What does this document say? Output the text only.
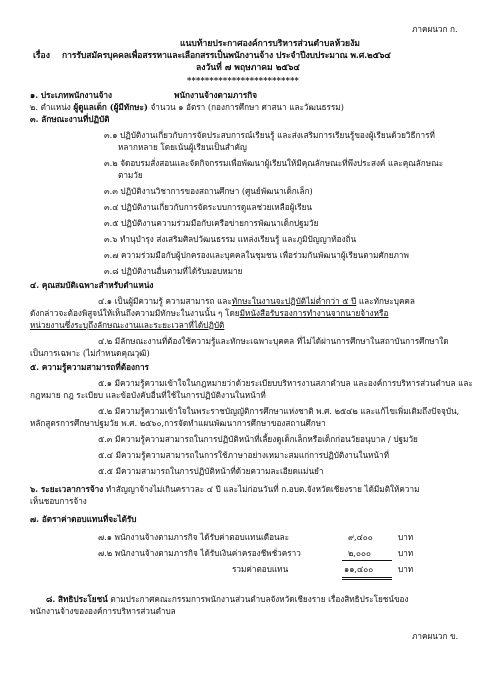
ภาคผนวก ก.
แนบท้ายประกาศองค์การบริหารส่วนตำบลห้วยงัม
เรื่อง การรับสมัครบุคคลเพื่อสรรหาและเลือกสรรเป็นพนักงานจ้าง ประจำปีงบประมาณ พ.ศ.๒๕๖๔
ลงวันที่ ๗ พฤษภาคม ๒๕๖๔
*************************
๑. ประเภทพนักงานจ้าง	พนักงานจ้างตามภารกิจ
๒. ตำแหน่ง ผู้ดูแลเด็ก (ผู้มีทักษะ) จำนวน ๑ อัตรา (กองการศึกษา ศาสนา และวัฒนธรรม)
๓. ลักษณะงานที่ปฏิบัติ
๓.๑ ปฏิบัติงานเกี่ยวกับการจัดประสบการณ์เรียนรู้ และส่งเสริมการเรียนรู้ของผู้เรียนด้วยวิธีการที่
หลากหลาย โดยเน้นผู้เรียนเป็นสำคัญ
๓.๒ จัดอบรมสั่งสอนและจัดกิจกรรมเพื่อพัฒนาผู้เรียนให้มีคุณลักษณะที่พึงประสงค์ และคุณลักษณะ
ตามวัย
๓.๓ ปฏิบัติงานวิชาการของสถานศึกษา (ศูนย์พัฒนาเด็กเล็ก)
๓.๔ ปฏิบัติงานเกี่ยวกับการจัดระบบการดูแลช่วยเหลือผู้เรียน
๓.๕ ปฏิบัติงานความร่วมมือกับเครือข่ายการพัฒนาเด็กปฐมวัย
๓.๖ ทำนุบำรุง ส่งเสริมศิลปวัฒนธรรม แหล่งเรียนรู้ และภูมิปัญญาท้องถิ่น
๓.๗ ความร่วมมือกับผู้ปกครองและบุคคลในชุมชน เพื่อร่วมกันพัฒนาผู้เรียนตามศักยภาพ
๓.๘ ปฏิบัติงานอื่นตามที่ได้รับมอบหมาย
๔. คุณสมบัติเฉพาะสำหรับตำแหน่ง
๔.๑ เป็นผู้มีความรู้ ความสามารถ และทักษะในงานจะปฏิบัติไม่ต่ำกว่า ๕ ปี และทักษะบุคคล
ดังกล่าวจะต้องพิสูจน์ให้เห็นถึงความมีทักษะในงานนั้น ๆ โดยมีหนังสือรับรองการทำงานจากนายจ้างหรือ
หน่วยงานซึ่งระบุถึงลักษณะงานและระยะเวลาที่ได้ปฏิบัติ
๔.๒ มีลักษณะงานที่ต้องใช้ความรู้และทักษะเฉพาะบุคคล ที่ไม่ได้ผ่านการศึกษาในสถาบันการศึกษาใด
เป็นการเฉพาะ (ไม่กำหนดคุณวุฒิ)
๕. ความรู้ความสามารถที่ต้องการ
๕.๑ มีความรู้ความเข้าใจในกฎหมายว่าด้วยระเบียบบริหารงานสภาตำบล และองค์การบริหารส่วนตำบล และ
กฎหมาย กฎ ระเบียบ และข้อบังคับอื่นที่ใช้ในการปฏิบัติงานในหน้าที่
๕.๒ มีความรู้ความเข้าใจในพระราชบัญญัติการศึกษาแห่งชาติ พ.ศ. ๒๕๔๒ และแก้ไขเพิ่มเติมถึงปัจจุบัน,
หลักสูตรการศึกษาปฐมวัย พ.ศ. ๒๕๖๐,การจัดทำแผนพัฒนาการศึกษาของสถานศึกษา
๕.๓ มีความรู้ความสามารถในการปฏิบัติหน้าที่เลี้ยงดูเด็กเล็กหรือเด็กก่อนวัยอนุบาล / ปฐมวัย
๕.๔ มีความรู้ความสามารถในการใช้ภาษาอย่างเหมาะสมแก่การปฏิบัติงานในหน้าที่
๕.๕ มีความสามารถในการปฏิบัติหน้าที่ด้วยความละเอียดแม่นยำ
๖. ระยะเวลาการจ้าง ทำสัญญาจ้างไม่เกินคราวละ ๔ ปี และไม่ก่อนวันที่ ก.อบต.จังหวัดเชียงราย ได้มีมติให้ความ
เห็นชอบการจ้าง
๗. อัตราค่าตอบแทนที่จะได้รับ
๗.๑ พนักงานจ้างตามภารกิจ ได้รับค่าตอบแทนเดือนละ	๙,๔๐๐	บาท
๗.๒ พนักงานจ้างตามภารกิจ ได้รับเงินค่าครองชีพชั่วคราว	๒,๐๐๐	บาท
รวมค่าตอบแทน	๑๑,๔๐๐	บาท
๘. สิทธิประโยชน์ ตามประกาศคณะกรรมการพนักงานส่วนตำบลจังหวัดเชียงราย เรื่องสิทธิประโยชน์ของ
พนักงานจ้างขององค์การบริหารส่วนตำบล
ภาคผนวก ข.
